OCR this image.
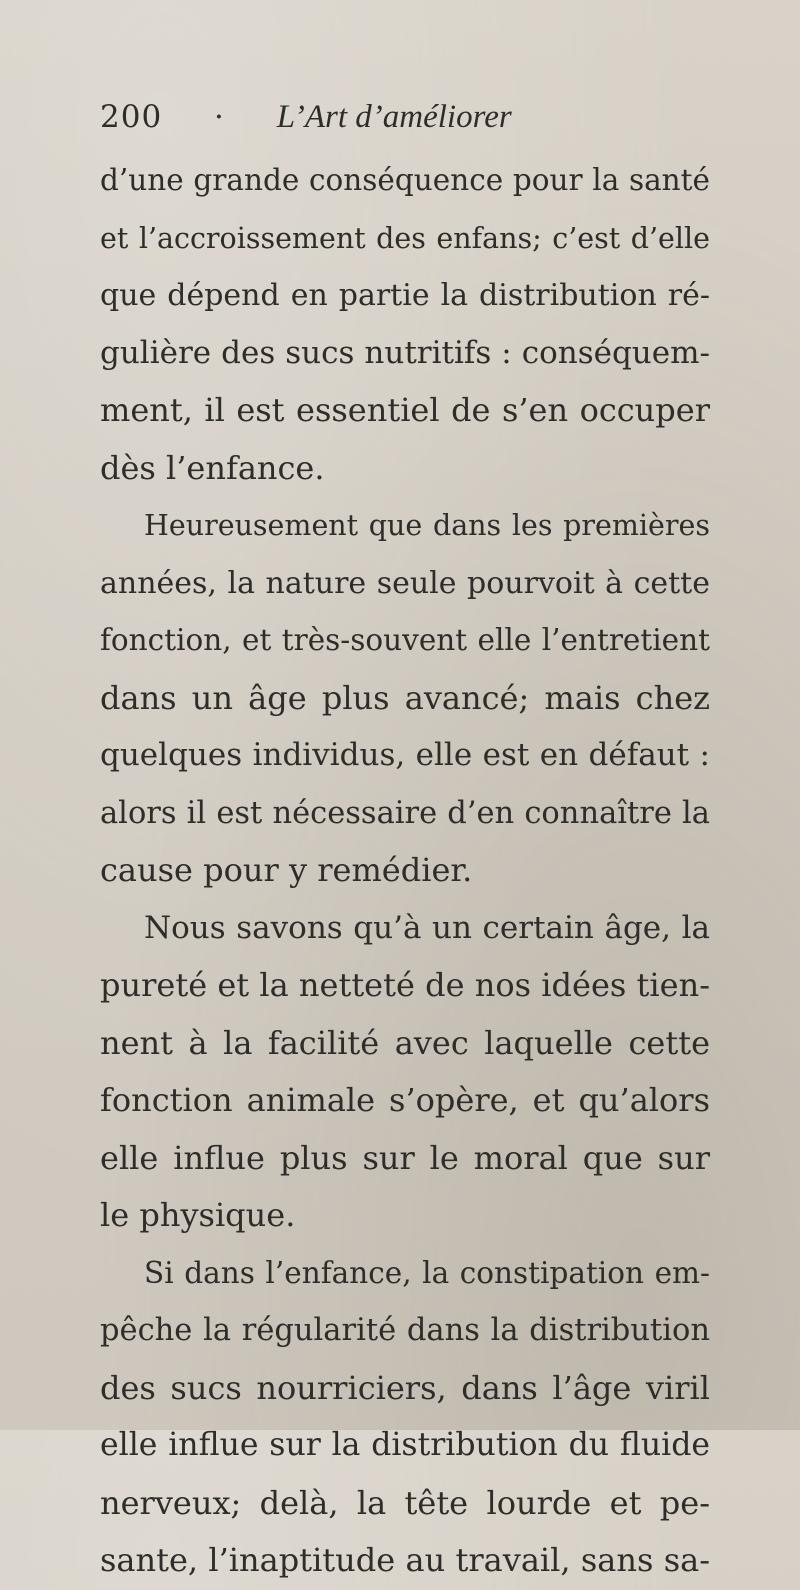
200 · L’Art d’améliorer
d’une grande conséquence pour la santé
et l’accroissement des enfans; c’est d’elle
que dépend en partie la distribution ré-
gulière des sucs nutritifs : conséquem-
ment, il est essentiel de s’en occuper
dès l’enfance.
Heureusement que dans les premières
années, la nature seule pourvoit à cette
fonction, et très-souvent elle l’entretient
dans un âge plus avancé; mais chez
quelques individus, elle est en défaut :
alors il est nécessaire d’en connaître la
cause pour y remédier.
Nous savons qu’à un certain âge, la
pureté et la netteté de nos idées tien-
nent à la facilité avec laquelle cette
fonction animale s’opère, et qu’alors
elle influe plus sur le moral que sur
le physique.
Si dans l’enfance, la constipation em-
pêche la régularité dans la distribution
des sucs nourriciers, dans l’âge viril
elle influe sur la distribution du fluide
nerveux; delà, la tête lourde et pe-
sante, l’inaptitude au travail, sans sa-
